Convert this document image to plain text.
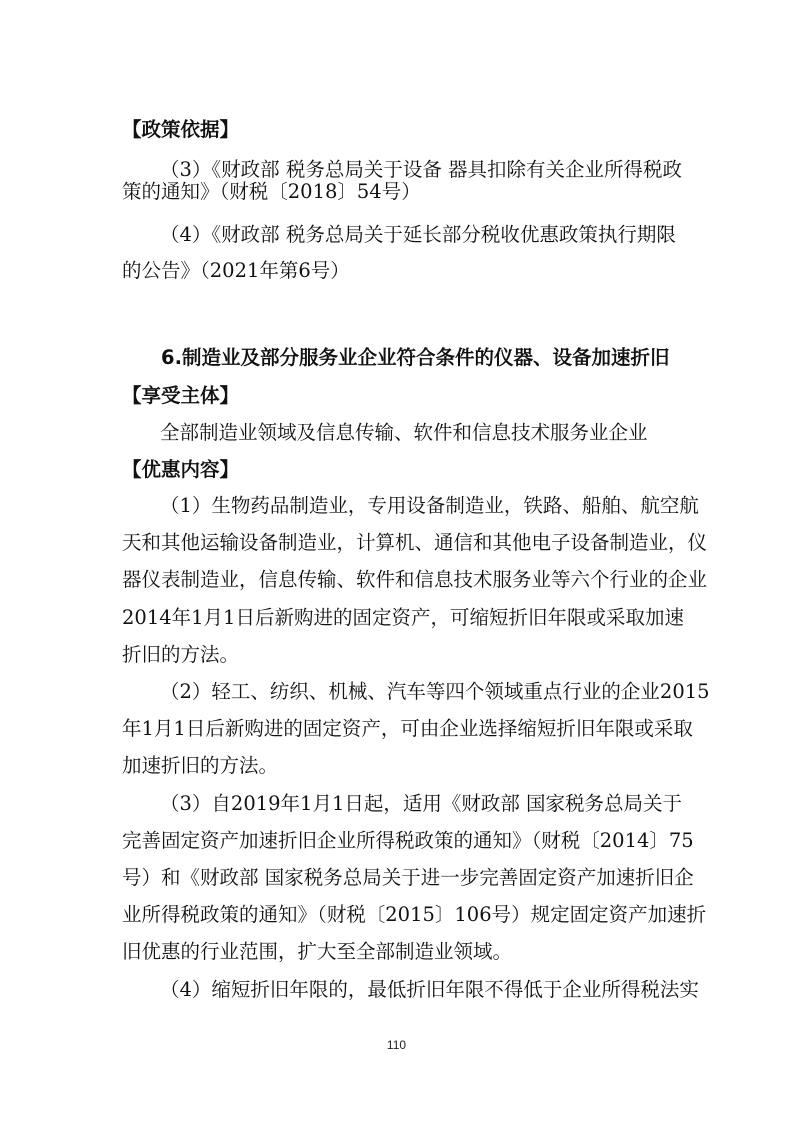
【政策依据】
（3）《财政部 税务总局关于设备 器具扣除有关企业所得税政
策的通知》（财税〔2018〕54号）
（4）《财政部 税务总局关于延长部分税收优惠政策执行期限
的公告》（2021年第6号）
6.制造业及部分服务业企业符合条件的仪器、设备加速折旧
【享受主体】
全部制造业领域及信息传输、软件和信息技术服务业企业
【优惠内容】
（1）生物药品制造业，专用设备制造业，铁路、船舶、航空航
天和其他运输设备制造业，计算机、通信和其他电子设备制造业，仪
器仪表制造业，信息传输、软件和信息技术服务业等六个行业的企业
2014年1月1日后新购进的固定资产，可缩短折旧年限或采取加速
折旧的方法。
（2）轻工、纺织、机械、汽车等四个领域重点行业的企业2015
年1月1日后新购进的固定资产，可由企业选择缩短折旧年限或采取
加速折旧的方法。
（3）自2019年1月1日起，适用《财政部 国家税务总局关于
完善固定资产加速折旧企业所得税政策的通知》（财税〔2014〕75
号）和《财政部 国家税务总局关于进一步完善固定资产加速折旧企
业所得税政策的通知》（财税〔2015〕106号）规定固定资产加速折
旧优惠的行业范围，扩大至全部制造业领域。
（4）缩短折旧年限的，最低折旧年限不得低于企业所得税法实
110
